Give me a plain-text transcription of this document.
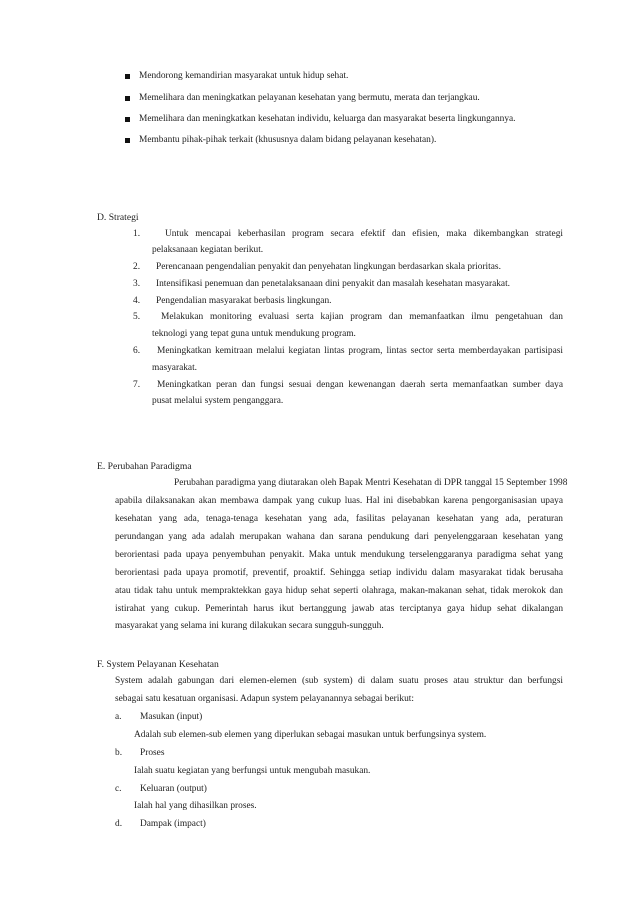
Mendorong kemandirian masyarakat untuk hidup sehat.
Memelihara dan meningkatkan pelayanan kesehatan yang bermutu, merata dan terjangkau.
Memelihara dan meningkatkan kesehatan individu, keluarga dan masyarakat beserta lingkungannya.
Membantu pihak-pihak terkait (khususnya dalam bidang pelayanan kesehatan).
D. Strategi
1.	Untuk mencapai keberhasilan program secara efektif dan efisien, maka dikembangkan strategi
pelaksanaan kegiatan berikut.
2. Perencanaan pengendalian penyakit dan penyehatan lingkungan berdasarkan skala prioritas.
3. Intensifikasi penemuan dan penetalaksanaan dini penyakit dan masalah kesehatan masyarakat.
4. Pengendalian masyarakat berbasis lingkungan.
5. Melakukan monitoring evaluasi serta kajian program dan memanfaatkan ilmu pengetahuan dan
teknologi yang tepat guna untuk mendukung program.
6. Meningkatkan kemitraan melalui kegiatan lintas program, lintas sector serta memberdayakan partisipasi
masyarakat.
7. Meningkatkan peran dan fungsi sesuai dengan kewenangan daerah serta memanfaatkan sumber daya
pusat melalui system penganggara.
E. Perubahan Paradigma
Perubahan paradigma yang diutarakan oleh Bapak Mentri Kesehatan di DPR tanggal 15 September 1998
apabila dilaksanakan akan membawa dampak yang cukup luas. Hal ini disebabkan karena pengorganisasian upaya
kesehatan yang ada, tenaga-tenaga kesehatan yang ada, fasilitas pelayanan kesehatan yang ada, peraturan
perundangan yang ada adalah merupakan wahana dan sarana pendukung dari penyelenggaraan kesehatan yang
berorientasi pada upaya penyembuhan penyakit. Maka untuk mendukung terselenggaranya paradigma sehat yang
berorientasi pada upaya promotif, preventif, proaktif. Sehingga setiap individu dalam masyarakat tidak berusaha
atau tidak tahu untuk mempraktekkan gaya hidup sehat seperti olahraga, makan-makanan sehat, tidak merokok dan
istirahat yang cukup. Pemerintah harus ikut bertanggung jawab atas terciptanya gaya hidup sehat dikalangan
masyarakat yang selama ini kurang dilakukan secara sungguh-sungguh.
F. System Pelayanan Kesehatan
System adalah gabungan dari elemen-elemen (sub system) di dalam suatu proses atau struktur dan berfungsi
sebagai satu kesatuan organisasi. Adapun system pelayanannya sebagai berikut:
a. Masukan (input)
Adalah sub elemen-sub elemen yang diperlukan sebagai masukan untuk berfungsinya system.
b. Proses
Ialah suatu kegiatan yang berfungsi untuk mengubah masukan.
c. Keluaran (output)
Ialah hal yang dihasilkan proses.
d. Dampak (impact)
